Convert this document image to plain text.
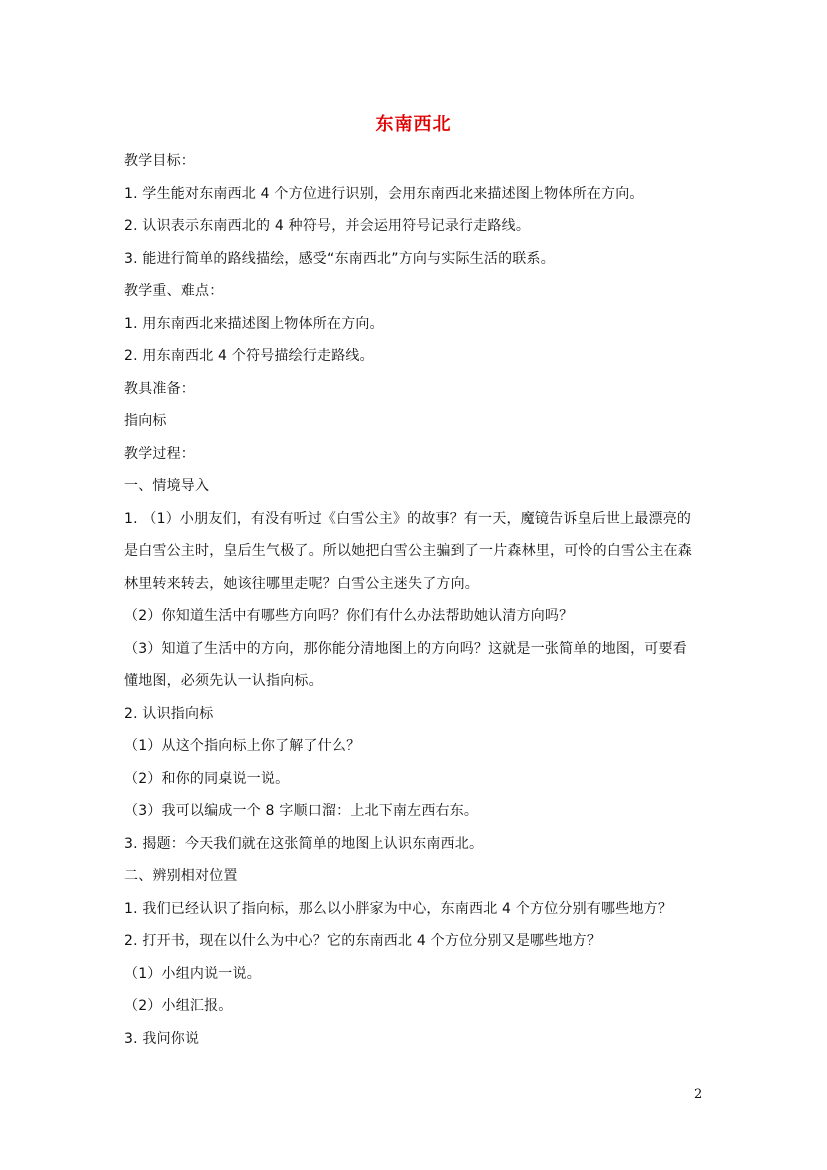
东南西北
教学目标：
1. 学生能对东南西北 4 个方位进行识别，会用东南西北来描述图上物体所在方向。
2. 认识表示东南西北的 4 种符号，并会运用符号记录行走路线。
3. 能进行简单的路线描绘，感受“东南西北”方向与实际生活的联系。
教学重、难点：
1. 用东南西北来描述图上物体所在方向。
2. 用东南西北 4 个符号描绘行走路线。
教具准备：
指向标
教学过程：
一、情境导入
1. （1）小朋友们，有没有听过《白雪公主》的故事？有一天，魔镜告诉皇后世上最漂亮的
是白雪公主时，皇后生气极了。所以她把白雪公主骗到了一片森林里，可怜的白雪公主在森
林里转来转去，她该往哪里走呢？白雪公主迷失了方向。
（2）你知道生活中有哪些方向吗？你们有什么办法帮助她认清方向吗？
（3）知道了生活中的方向，那你能分清地图上的方向吗？这就是一张简单的地图，可要看
懂地图，必须先认一认指向标。
2. 认识指向标
（1）从这个指向标上你了解了什么？
（2）和你的同桌说一说。
（3）我可以编成一个 8 字顺口溜：上北下南左西右东。
3. 揭题：今天我们就在这张简单的地图上认识东南西北。
二、辨别相对位置
1. 我们已经认识了指向标，那么以小胖家为中心，东南西北 4 个方位分别有哪些地方？
2. 打开书，现在以什么为中心？它的东南西北 4 个方位分别又是哪些地方？
（1）小组内说一说。
（2）小组汇报。
3. 我问你说
2
